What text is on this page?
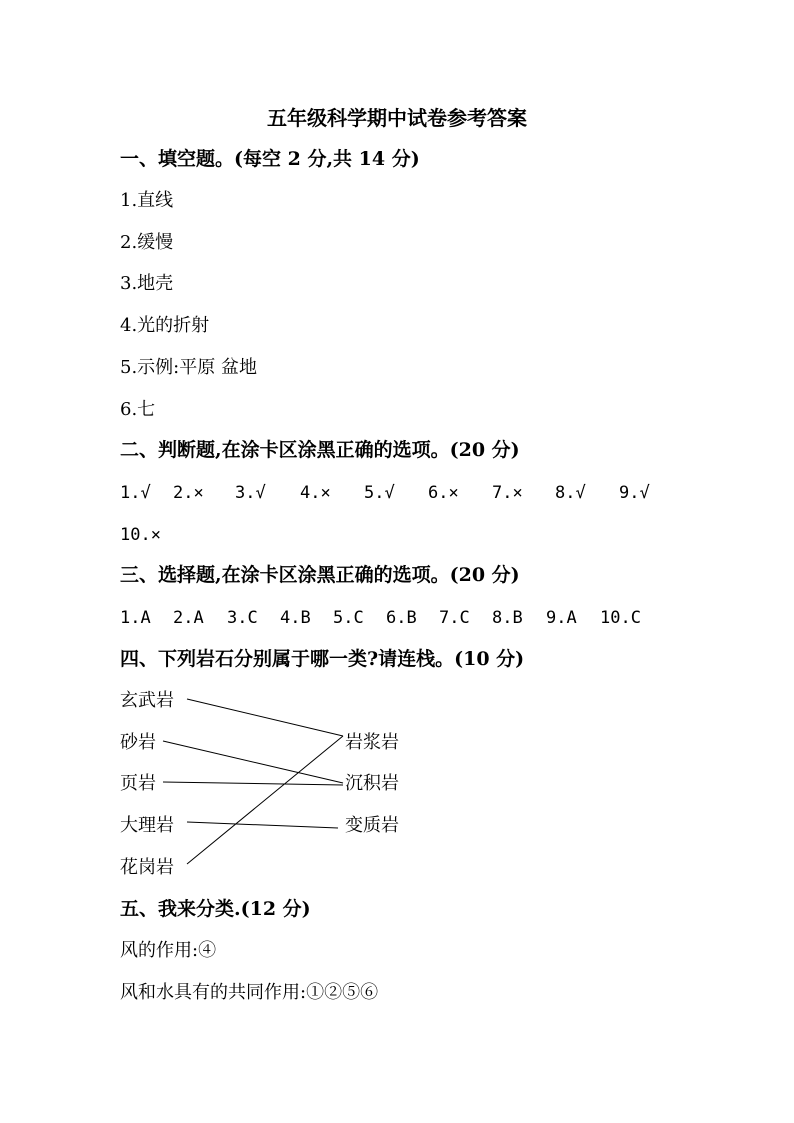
五年级科学期中试卷参考答案
一、填空题。(每空 2 分,共 14 分)
1.直线
2.缓慢
3.地壳
4.光的折射
5.示例:平原 盆地
6.七
二、判断题,在涂卡区涂黑正确的选项。(20 分)
1.√ 2.× 3.√ 4.× 5.√ 6.× 7.× 8.√ 9.√
10.×
三、选择题,在涂卡区涂黑正确的选项。(20 分)
1.A 2.A 3.C 4.B 5.C 6.B 7.C 8.B 9.A 10.C
四、下列岩石分别属于哪一类?请连栈。(10 分)
玄武岩
砂岩
页岩
大理岩
花岗岩
岩浆岩
沉积岩
变质岩
五、我来分类.(12 分)
风的作用:④
风和水具有的共同作用:①②⑤⑥
